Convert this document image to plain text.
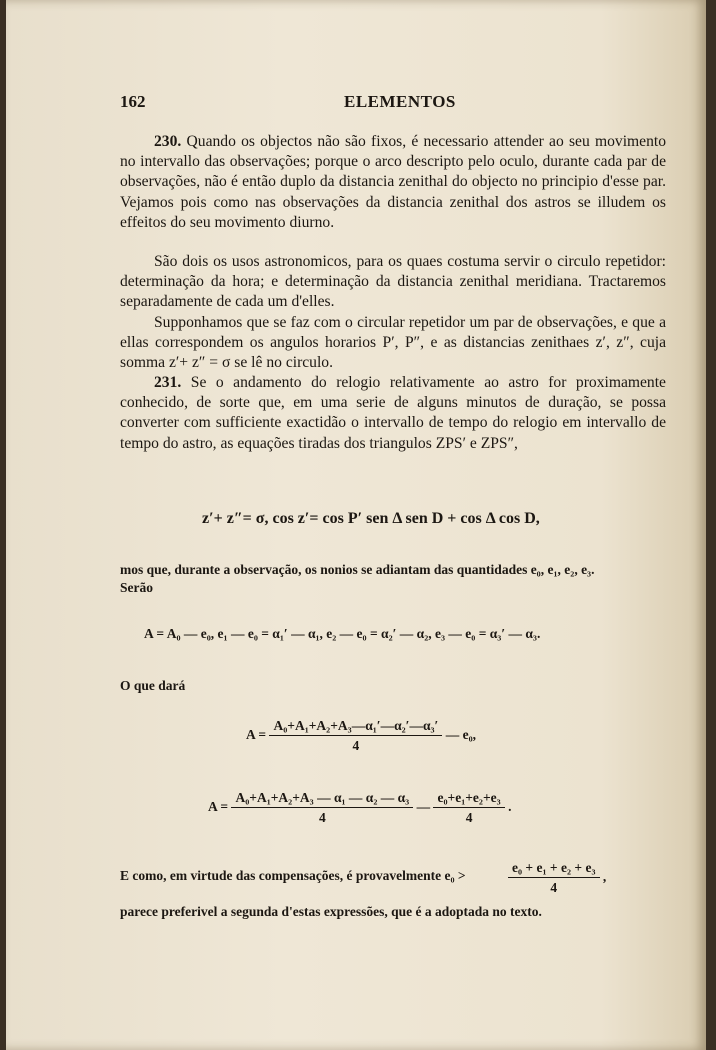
162	ELEMENTOS
230. Quando os objectos não são fixos, é necessario attender ao seu movimento no intervallo das observações; porque o arco descripto pelo oculo, durante cada par de observações, não é então duplo da distancia zenithal do objecto no principio d'esse par. Vejamos pois como nas observações da distancia zenithal dos astros se illudem os effeitos do seu movimento diurno.
São dois os usos astronomicos, para os quaes costuma servir o circulo repetidor: determinação da hora; e determinação da distancia zenithal meridiana. Tractaremos separadamente de cada um d'elles.
Supponhamos que se faz com o circular repetidor um par de observações, e que a ellas correspondem os angulos horarios P′, P″, e as distancias zenithaes z′, z″, cuja somma z′+ z″ = σ se lê no circulo.
231. Se o andamento do relogio relativamente ao astro for proximamente conhecido, de sorte que, em uma serie de alguns minutos de duração, se possa converter com sufficiente exactidão o intervallo de tempo do relogio em intervallo de tempo do astro, as equações tiradas dos triangulos ZPS′ e ZPS″,
z′+ z″= σ, cos z′= cos P′ sen Δ sen D + cos Δ cos D,
mos que, durante a observação, os nonios se adiantam das quantidades e₀, e₁, e₂, e₃.
Serão
A = A₀ — e₀, e₁ — e₀ = α₁′ — α₁, e₂ — e₀ = α₂′ — α₂, e₃ — e₀ = α₃′ — α₃.
O que dará
$A = \frac{\text{A₀+A₁+A₂+A₃—α₁′—α₂′—α₃′}}{4}$ — e₀,
$A = \frac{\text{A₀+A₁+A₂+A₃ — α₁ — α₂ — α₃}}{4}$ — $\frac{\text{e₀+e₁+e₂+e₃}}{4}$ .
E como, em virtude das compensações, é provavelmente e₀ >	$\frac{\text{e₀ + e₁ + e₂ + e₃}}{4}$ ,
parece preferivel a segunda d'estas expressões, que é a adoptada no texto.
